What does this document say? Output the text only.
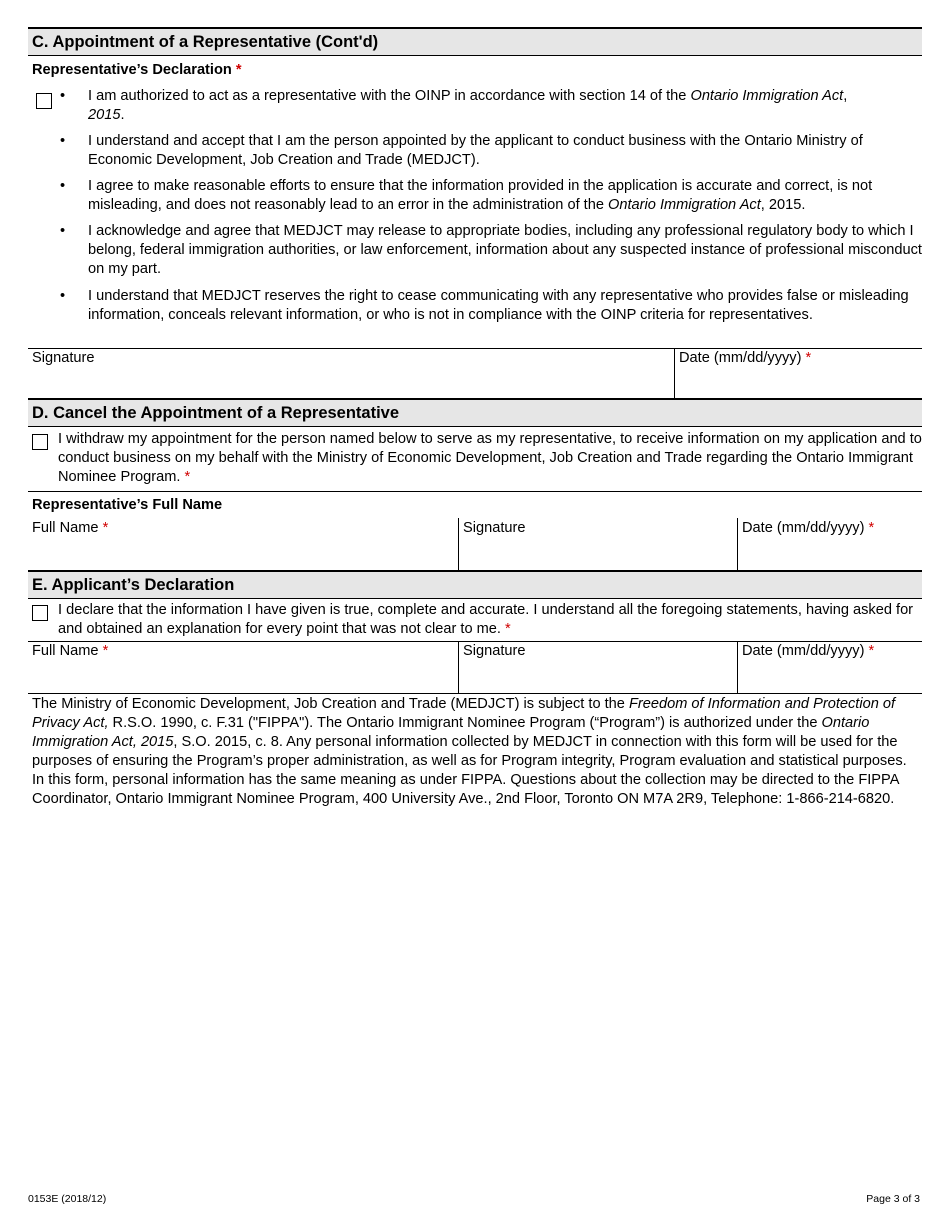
C. Appointment of a Representative (Cont'd)
Representative’s Declaration *
• I am authorized to act as a representative with the OINP in accordance with section 14 of the Ontario Immigration Act,
2015.
• I understand and accept that I am the person appointed by the applicant to conduct business with the Ontario Ministry of Economic Development, Job Creation and Trade (MEDJCT).
• I agree to make reasonable efforts to ensure that the information provided in the application is accurate and correct, is not misleading, and does not reasonably lead to an error in the administration of the Ontario Immigration Act, 2015.
• I acknowledge and agree that MEDJCT may release to appropriate bodies, including any professional regulatory body to which I belong, federal immigration authorities, or law enforcement, information about any suspected instance of professional misconduct on my part.
• I understand that MEDJCT reserves the right to cease communicating with any representative who provides false or misleading information, conceals relevant information, or who is not in compliance with the OINP criteria for representatives.
Signature	Date (mm/dd/yyyy) *
D. Cancel the Appointment of a Representative
I withdraw my appointment for the person named below to serve as my representative, to receive information on my application and to conduct business on my behalf with the Ministry of Economic Development, Job Creation and Trade regarding the Ontario Immigrant Nominee Program. *
Representative’s Full Name
Full Name *	Signature	Date (mm/dd/yyyy) *
E. Applicant’s Declaration
I declare that the information I have given is true, complete and accurate. I understand all the foregoing statements, having asked for and obtained an explanation for every point that was not clear to me. *
Full Name *	Signature	Date (mm/dd/yyyy) *
The Ministry of Economic Development, Job Creation and Trade (MEDJCT) is subject to the Freedom of Information and Protection of Privacy Act, R.S.O. 1990, c. F.31 ("FIPPA"). The Ontario Immigrant Nominee Program (“Program”) is authorized under the Ontario Immigration Act, 2015, S.O. 2015, c. 8. Any personal information collected by MEDJCT in connection with this form will be used for the purposes of ensuring the Program’s proper administration, as well as for Program integrity, Program evaluation and statistical purposes. In this form, personal information has the same meaning as under FIPPA. Questions about the collection may be directed to the FIPPA Coordinator, Ontario Immigrant Nominee Program, 400 University Ave., 2nd Floor, Toronto ON M7A 2R9, Telephone: 1-866-214-6820.
0153E (2018/12)	Page 3 of 3
